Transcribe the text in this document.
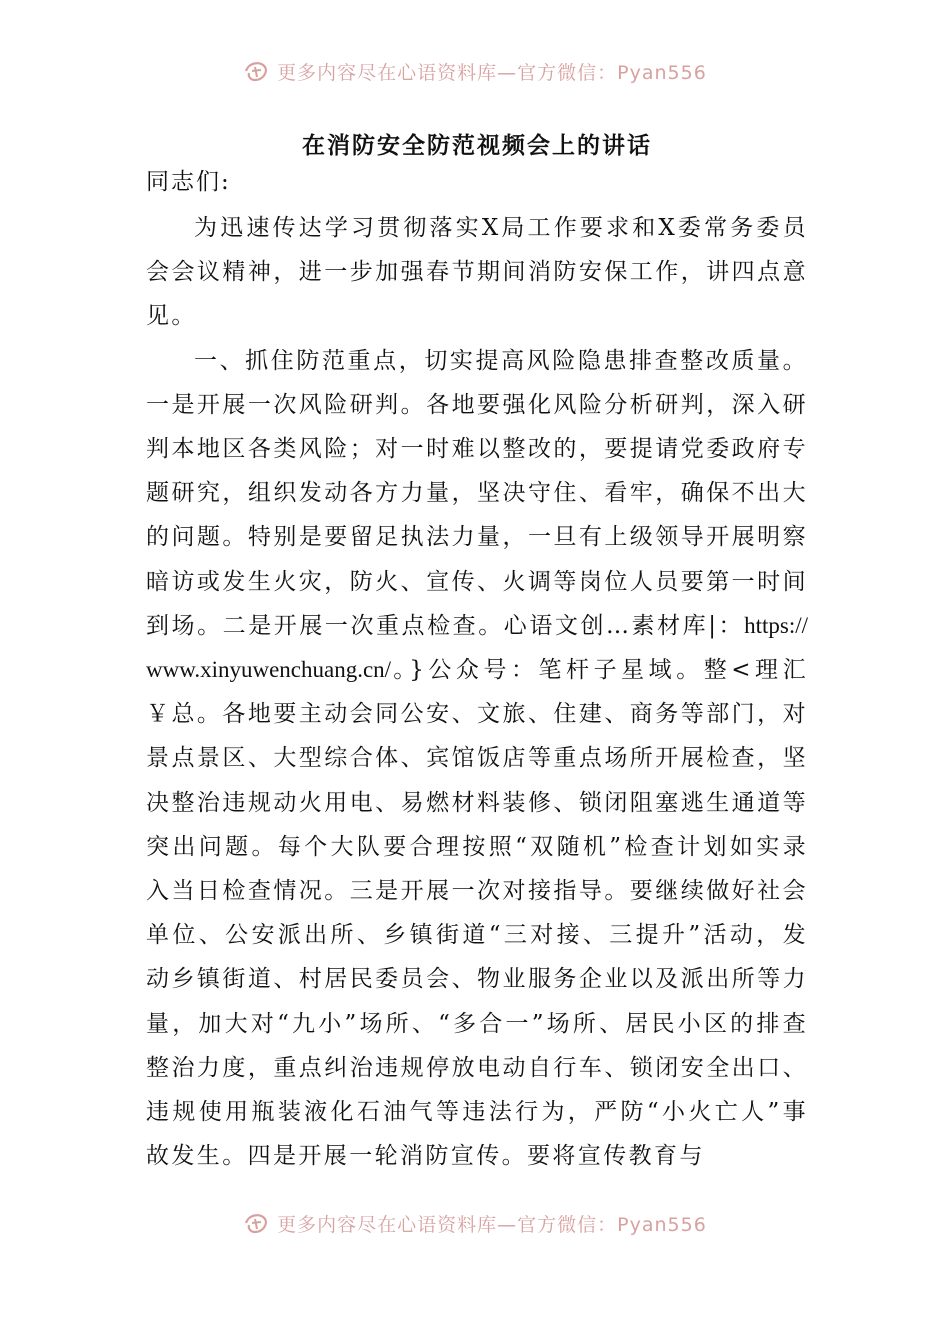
更多内容尽在心语资料库—官方微信：Pyan556
在消防安全防范视频会上的讲话

同志们:

为迅速传达学习贯彻落实X局工作要求和X委常务委员会会议精神，进一步加强春节期间消防安保工作，讲四点意见。

一、抓住防范重点，切实提高风险隐患排查整改质量。一是开展一次风险研判。各地要强化风险分析研判，深入研判本地区各类风险；对一时难以整改的，要提请党委政府专题研究，组织发动各方力量，坚决守住、看牢，确保不出大的问题。特别是要留足执法力量，一旦有上级领导开展明察暗访或发生火灾，防火、宣传、火调等岗位人员要第一时间到场。二是开展一次重点检查。心语文创…素材库|：https://www.xinyuwenchuang.cn/。}公众号：笔杆子星域。整<理汇￥总。各地要主动会同公安、文旅、住建、商务等部门，对景点景区、大型综合体、宾馆饭店等重点场所开展检查，坚决整治违规动火用电、易燃材料装修、锁闭阻塞逃生通道等突出问题。每个大队要合理按照“双随机”检查计划如实录入当日检查情况。三是开展一次对接指导。要继续做好社会单位、公安派出所、乡镇街道“三对接、三提升”活动，发动乡镇街道、村居民委员会、物业服务企业以及派出所等力量，加大对“九小”场所、“多合一”场所、居民小区的排查整治力度，重点纠治违规停放电动自行车、锁闭安全出口、违规使用瓶装液化石油气等违法行为，严防“小火亡人”事故发生。四是开展一轮消防宣传。要将宣传教育与

更多内容尽在心语资料库—官方微信：Pyan556
